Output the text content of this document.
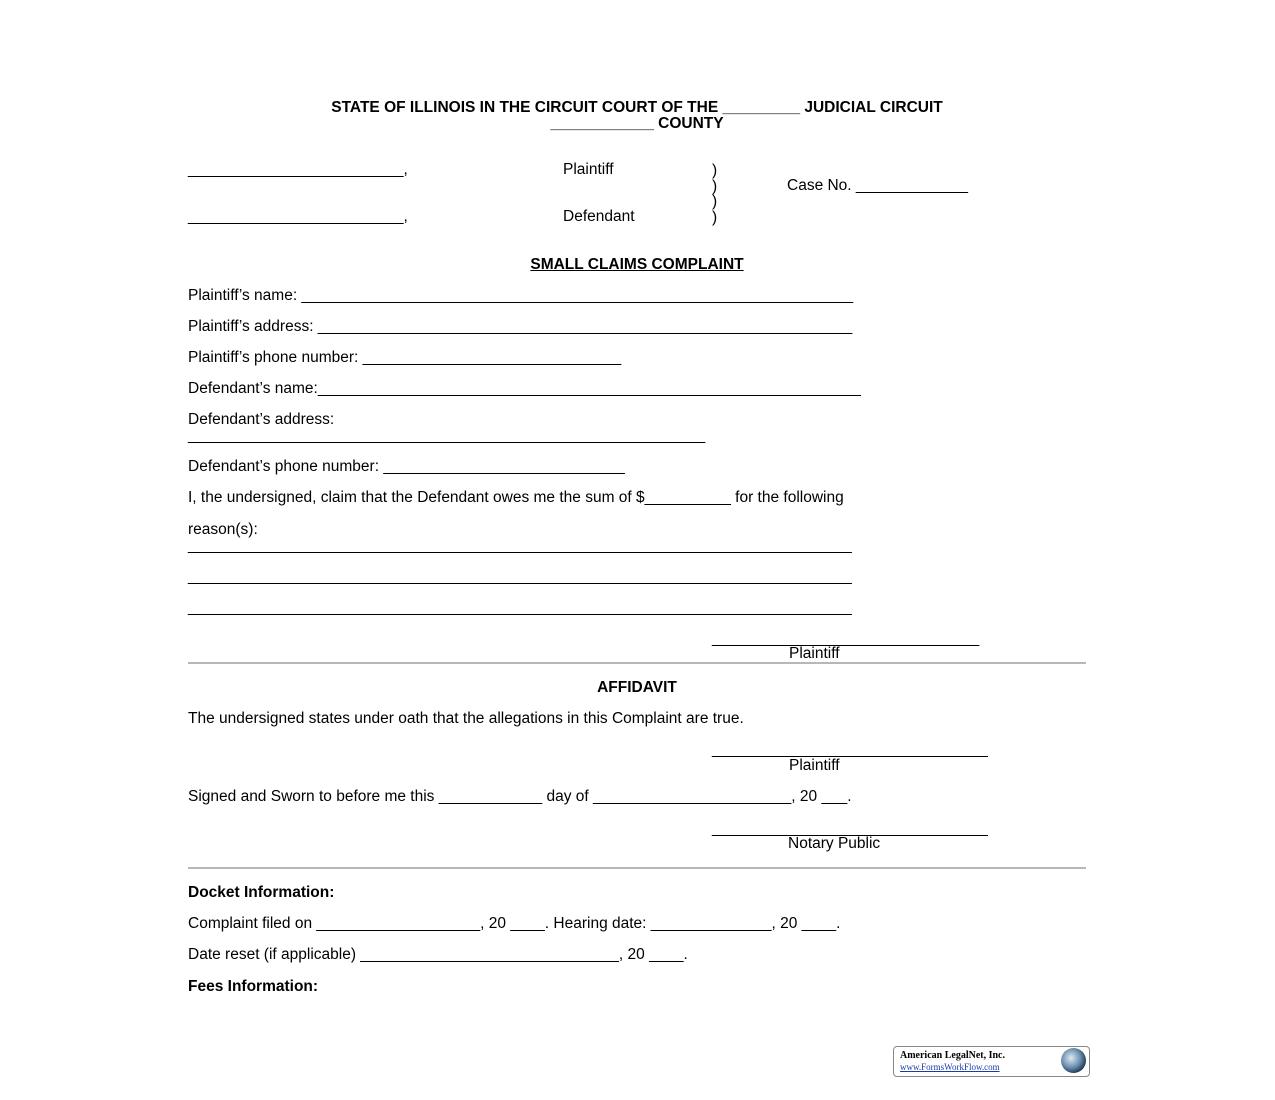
STATE OF ILLINOIS IN THE CIRCUIT COURT OF THE _________ JUDICIAL CIRCUIT
____________ COUNTY
_________________________,	Plaintiff	)
)	Case No. _____________
)
_________________________,	Defendant	)
SMALL CLAIMS COMPLAINT
Plaintiff’s name: ________________________________________________________________
Plaintiff’s address: ______________________________________________________________
Plaintiff’s phone number: ______________________________
Defendant’s name:_______________________________________________________________
Defendant’s address:
____________________________________________________________
Defendant’s phone number: ____________________________
I, the undersigned, claim that the Defendant owes me the sum of $__________ for the following
reason(s):
_____________________________________________________________________________
_____________________________________________________________________________
_____________________________________________________________________________
_______________________________
Plaintiff
AFFIDAVIT
The undersigned states under oath that the allegations in this Complaint are true.
________________________________
Plaintiff
Signed and Sworn to before me this ____________ day of _______________________, 20 ___.
________________________________
Notary Public
Docket Information:
Complaint filed on ___________________, 20 ____. Hearing date: ______________, 20 ____.
Date reset (if applicable) ______________________________, 20 ____.
Fees Information:
American LegalNet, Inc.
www.FormsWorkFlow.com
